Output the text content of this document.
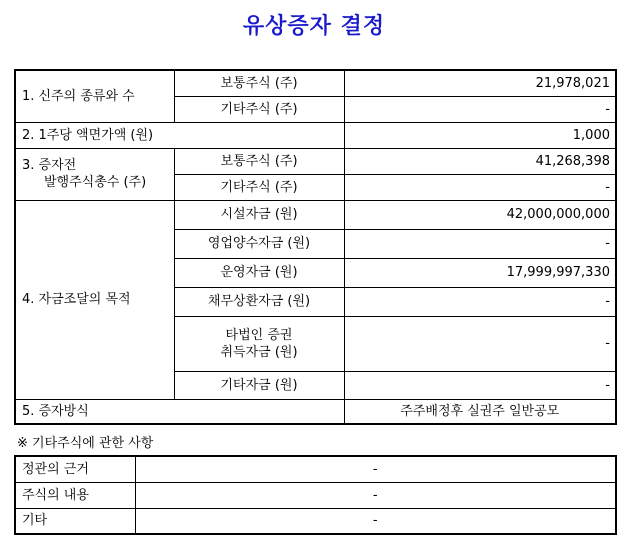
유상증자 결정
1. 신주의 종류와 수	보통주식 (주)	21,978,021
	기타주식 (주)	-
2. 1주당 액면가액 (원)		1,000
3. 증자전
발행주식총수 (주)	보통주식 (주)	41,268,398
	기타주식 (주)	-
4. 자금조달의 목적	시설자금 (원)	42,000,000,000
	영업양수자금 (원)	-
	운영자금 (원)	17,999,997,330
	채무상환자금 (원)	-
	타법인 증권
취득자금 (원)	-
	기타자금 (원)	-
5. 증자방식		주주배정후 실권주 일반공모
※ 기타주식에 관한 사항
정관의 근거	-
주식의 내용	-
기타	-
